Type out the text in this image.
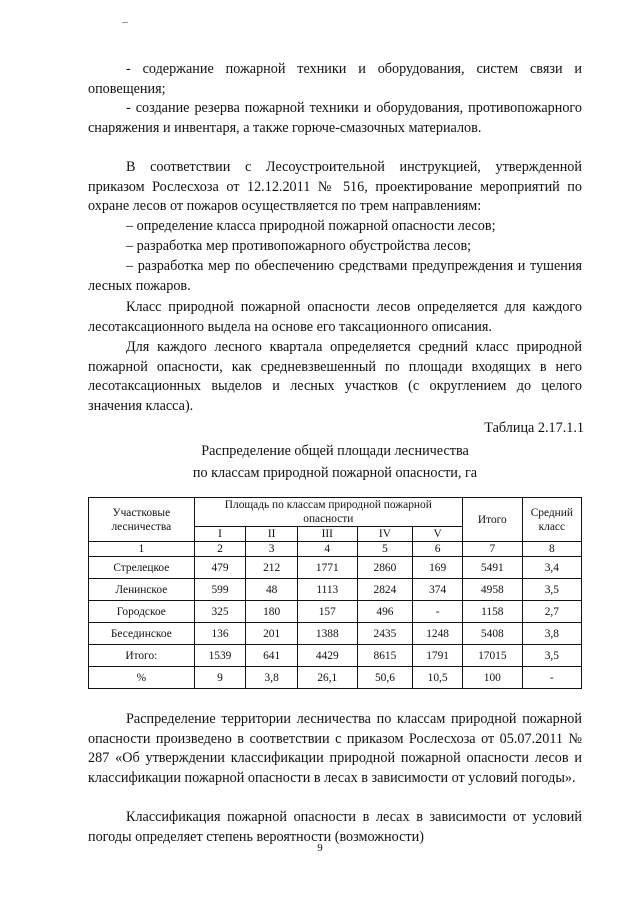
- содержание пожарной техники и оборудования, систем связи и оповещения;

- создание резерва пожарной техники и оборудования, противопожарного снаряжения и инвентаря, а также горюче-смазочных материалов.

В соответствии с Лесоустроительной инструкцией, утвержденной приказом Рослесхоза от 12.12.2011 № 516, проектирование мероприятий по охране лесов от пожаров осуществляется по трем направлениям:

– определение класса природной пожарной опасности лесов;

– разработка мер противопожарного обустройства лесов;

– разработка мер по обеспечению средствами предупреждения и тушения лесных пожаров.

Класс природной пожарной опасности лесов определяется для каждого лесотаксационного выдела на основе его таксационного описания.

Для каждого лесного квартала определяется средний класс природной пожарной опасности, как средневзвешенный по площади входящих в него лесотаксационных выделов и лесных участков (с округлением до целого значения класса).

Таблица 2.17.1.1
Распределение общей площади лесничества
по классам природной пожарной опасности, га
Участковые лесничества	Площадь по классам природной пожарной опасности					Итого	Средний класс
	I	II	III	IV	V		
1	2	3	4	5	6	7	8
Стрелецкое	479	212	1771	2860	169	5491	3,4
Ленинское	599	48	1113	2824	374	4958	3,5
Городское	325	180	157	496	-	1158	2,7
Бесединское	136	201	1388	2435	1248	5408	3,8
Итого:	1539	641	4429	8615	1791	17015	3,5
%	9	3,8	26,1	50,6	10,5	100	-

Распределение территории лесничества по классам природной пожарной опасности произведено в соответствии с приказом Рослесхоза от 05.07.2011 № 287 «Об утверждении классификации природной пожарной опасности лесов и классификации пожарной опасности в лесах в зависимости от условий погоды».

Классификация пожарной опасности в лесах в зависимости от условий погоды определяет степень вероятности (возможности)

9
